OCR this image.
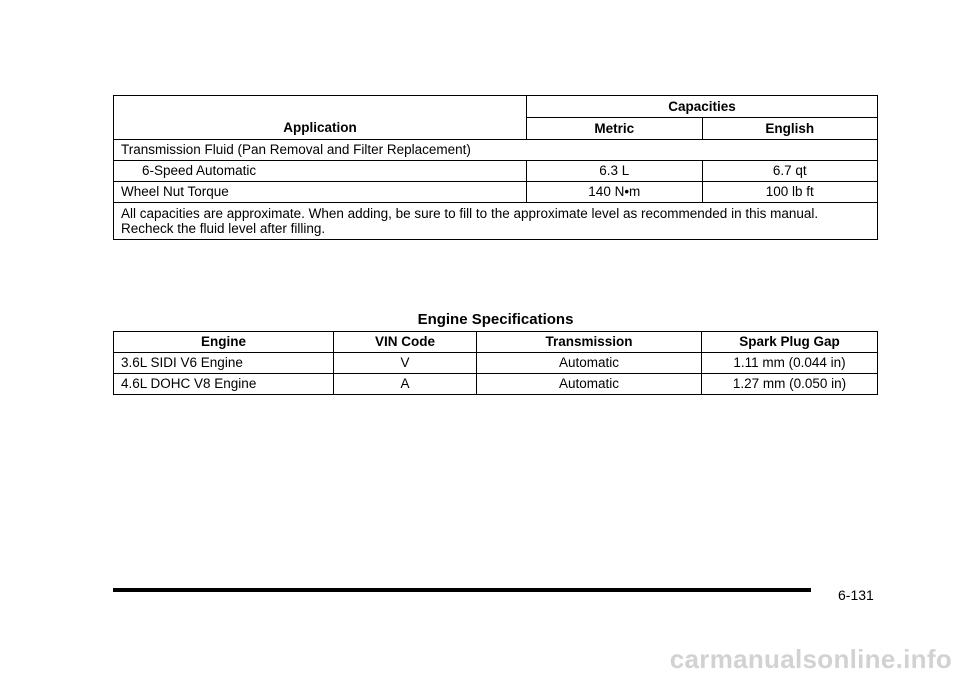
Application	Capacities	
	Metric	English
Transmission Fluid (Pan Removal and Filter Replacement)		
6-Speed Automatic	6.3 L	6.7 qt
Wheel Nut Torque	140 N•m	100 lb ft
All capacities are approximate. When adding, be sure to fill to the approximate level as recommended in this manual. Recheck the fluid level after filling.		
Engine Specifications
Engine	VIN Code	Transmission	Spark Plug Gap
3.6L SIDI V6 Engine	V	Automatic	1.11 mm (0.044 in)
4.6L DOHC V8 Engine	A	Automatic	1.27 mm (0.050 in)
6-131
carmanualsonline.info
